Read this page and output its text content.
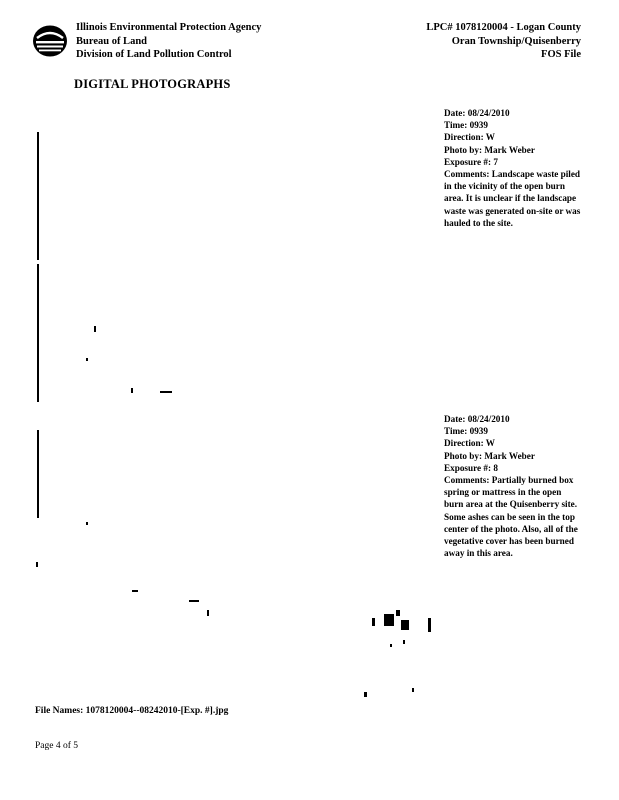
Illinois Environmental Protection Agency
Bureau of Land
Division of Land Pollution Control
LPC# 1078120004 - Logan County
Oran Township/Quisenberry
FOS File
DIGITAL PHOTOGRAPHS
Date: 08/24/2010
Time: 0939
Direction: W
Photo by: Mark Weber
Exposure #: 7
Comments: Landscape waste piled in the vicinity of the open burn area. It is unclear if the landscape waste was generated on-site or was hauled to the site.
Date: 08/24/2010
Time: 0939
Direction: W
Photo by: Mark Weber
Exposure #: 8
Comments: Partially burned box spring or mattress in the open burn area at the Quisenberry site. Some ashes can be seen in the top center of the photo. Also, all of the vegetative cover has been burned away in this area.
File Names: 1078120004--08242010-[Exp. #].jpg
Page 4 of 5
